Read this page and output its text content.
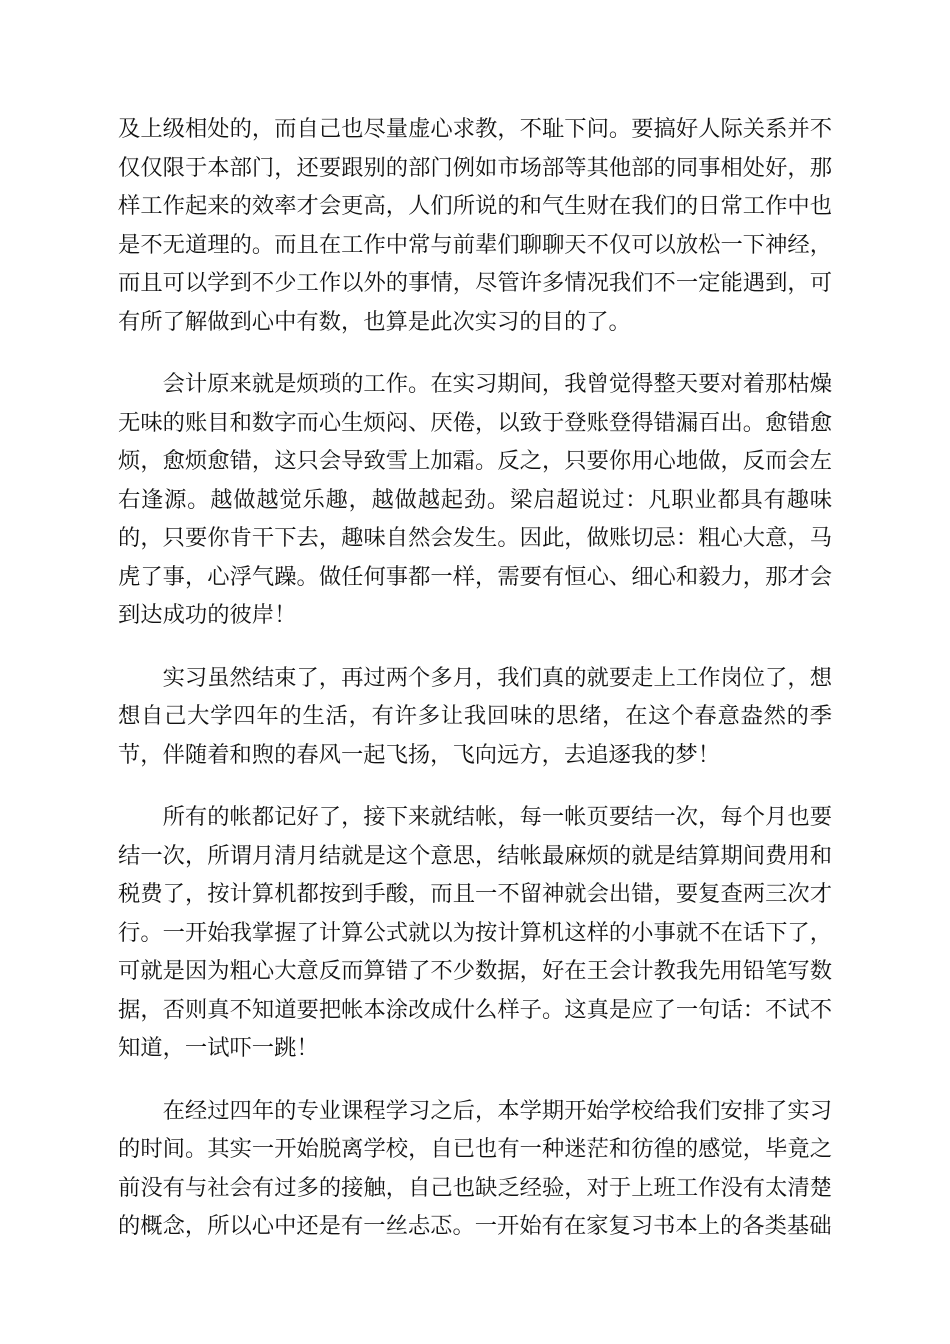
及上级相处的，而自己也尽量虚心求教，不耻下问。要搞好人际关系并不仅仅限于本部门，还要跟别的部门例如市场部等其他部的同事相处好，那样工作起来的效率才会更高，人们所说的和气生财在我们的日常工作中也是不无道理的。而且在工作中常与前辈们聊聊天不仅可以放松一下神经，而且可以学到不少工作以外的事情，尽管许多情况我们不一定能遇到，可有所了解做到心中有数，也算是此次实习的目的了。

会计原来就是烦琐的工作。在实习期间，我曾觉得整天要对着那枯燥无味的账目和数字而心生烦闷、厌倦，以致于登账登得错漏百出。愈错愈烦，愈烦愈错，这只会导致雪上加霜。反之，只要你用心地做，反而会左右逢源。越做越觉乐趣，越做越起劲。梁启超说过：凡职业都具有趣味的，只要你肯干下去，趣味自然会发生。因此，做账切忌：粗心大意，马虎了事，心浮气躁。做任何事都一样，需要有恒心、细心和毅力，那才会到达成功的彼岸！

实习虽然结束了，再过两个多月，我们真的就要走上工作岗位了，想想自己大学四年的生活，有许多让我回味的思绪，在这个春意盎然的季节，伴随着和煦的春风一起飞扬，飞向远方，去追逐我的梦！

所有的帐都记好了，接下来就结帐，每一帐页要结一次，每个月也要结一次，所谓月清月结就是这个意思，结帐最麻烦的就是结算期间费用和税费了，按计算机都按到手酸，而且一不留神就会出错，要复查两三次才行。一开始我掌握了计算公式就以为按计算机这样的小事就不在话下了，可就是因为粗心大意反而算错了不少数据，好在王会计教我先用铅笔写数据，否则真不知道要把帐本涂改成什么样子。这真是应了一句话：不试不知道，一试吓一跳！

在经过四年的专业课程学习之后，本学期开始学校给我们安排了实习的时间。其实一开始脱离学校，自已也有一种迷茫和彷徨的感觉，毕竟之前没有与社会有过多的接触，自己也缺乏经验，对于上班工作没有太清楚的概念，所以心中还是有一丝忐忑。一开始有在家复习书本上的各类基础
